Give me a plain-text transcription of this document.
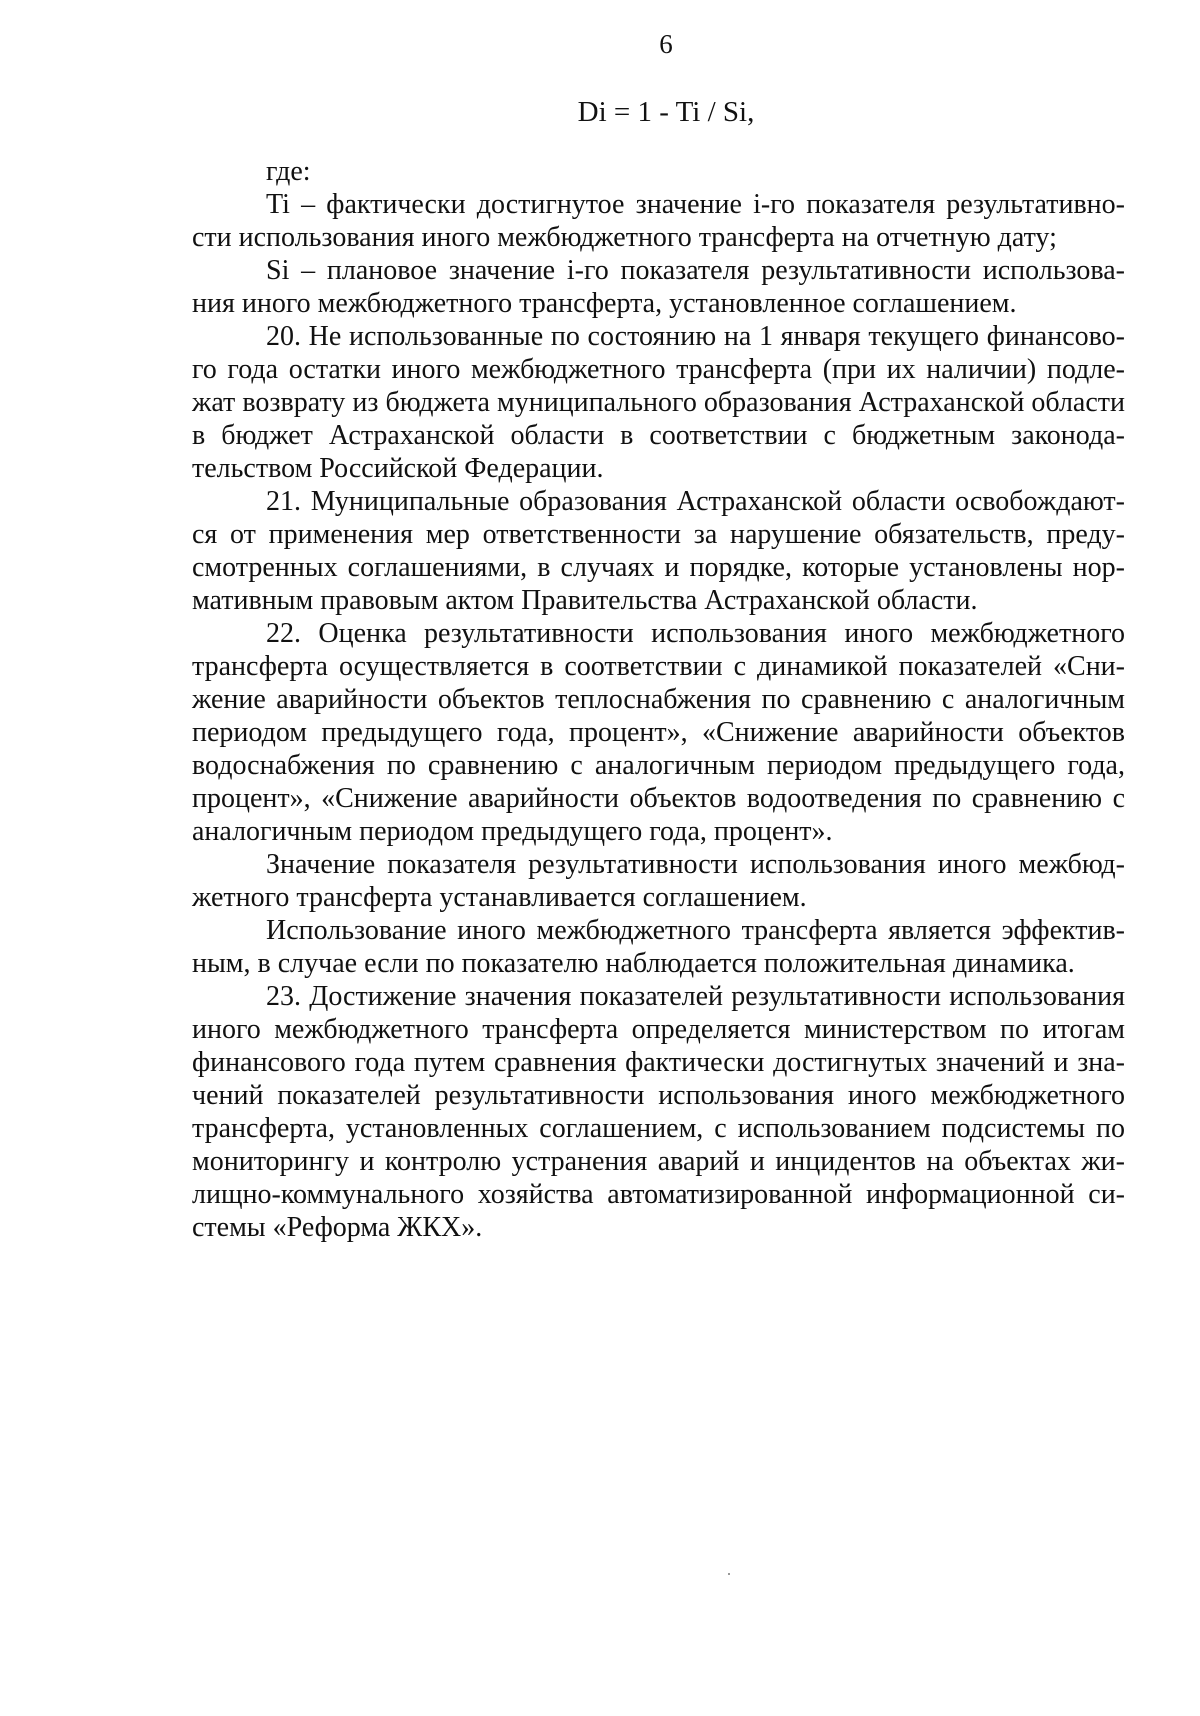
6
Di = 1 - Ti / Si,

где:

Ti – фактически достигнутое значение i-го показателя результативности использования иного межбюджетного трансферта на отчетную дату;

Si – плановое значение i-го показателя результативности использования иного межбюджетного трансферта, установленное соглашением.

20. Не использованные по состоянию на 1 января текущего финансового года остатки иного межбюджетного трансферта (при их наличии) подлежат возврату из бюджета муниципального образования Астраханской области в бюджет Астраханской области в соответствии с бюджетным законодательством Российской Федерации.

21. Муниципальные образования Астраханской области освобождаются от применения мер ответственности за нарушение обязательств, предусмотренных соглашениями, в случаях и порядке, которые установлены нормативным правовым актом Правительства Астраханской области.

22. Оценка результативности использования иного межбюджетного трансферта осуществляется в соответствии с динамикой показателей «Снижение аварийности объектов теплоснабжения по сравнению с аналогичным периодом предыдущего года, процент», «Снижение аварийности объектов водоснабжения по сравнению с аналогичным периодом предыдущего года, процент», «Снижение аварийности объектов водоотведения по сравнению с аналогичным периодом предыдущего года, процент».

Значение показателя результативности использования иного межбюджетного трансферта устанавливается соглашением.

Использование иного межбюджетного трансферта является эффективным, в случае если по показателю наблюдается положительная динамика.

23. Достижение значения показателей результативности использования иного межбюджетного трансферта определяется министерством по итогам финансового года путем сравнения фактически достигнутых значений и значений показателей результативности использования иного межбюджетного трансферта, установленных соглашением, с использованием подсистемы по мониторингу и контролю устранения аварий и инцидентов на объектах жилищно-коммунального хозяйства автоматизированной информационной системы «Реформа ЖКХ».
